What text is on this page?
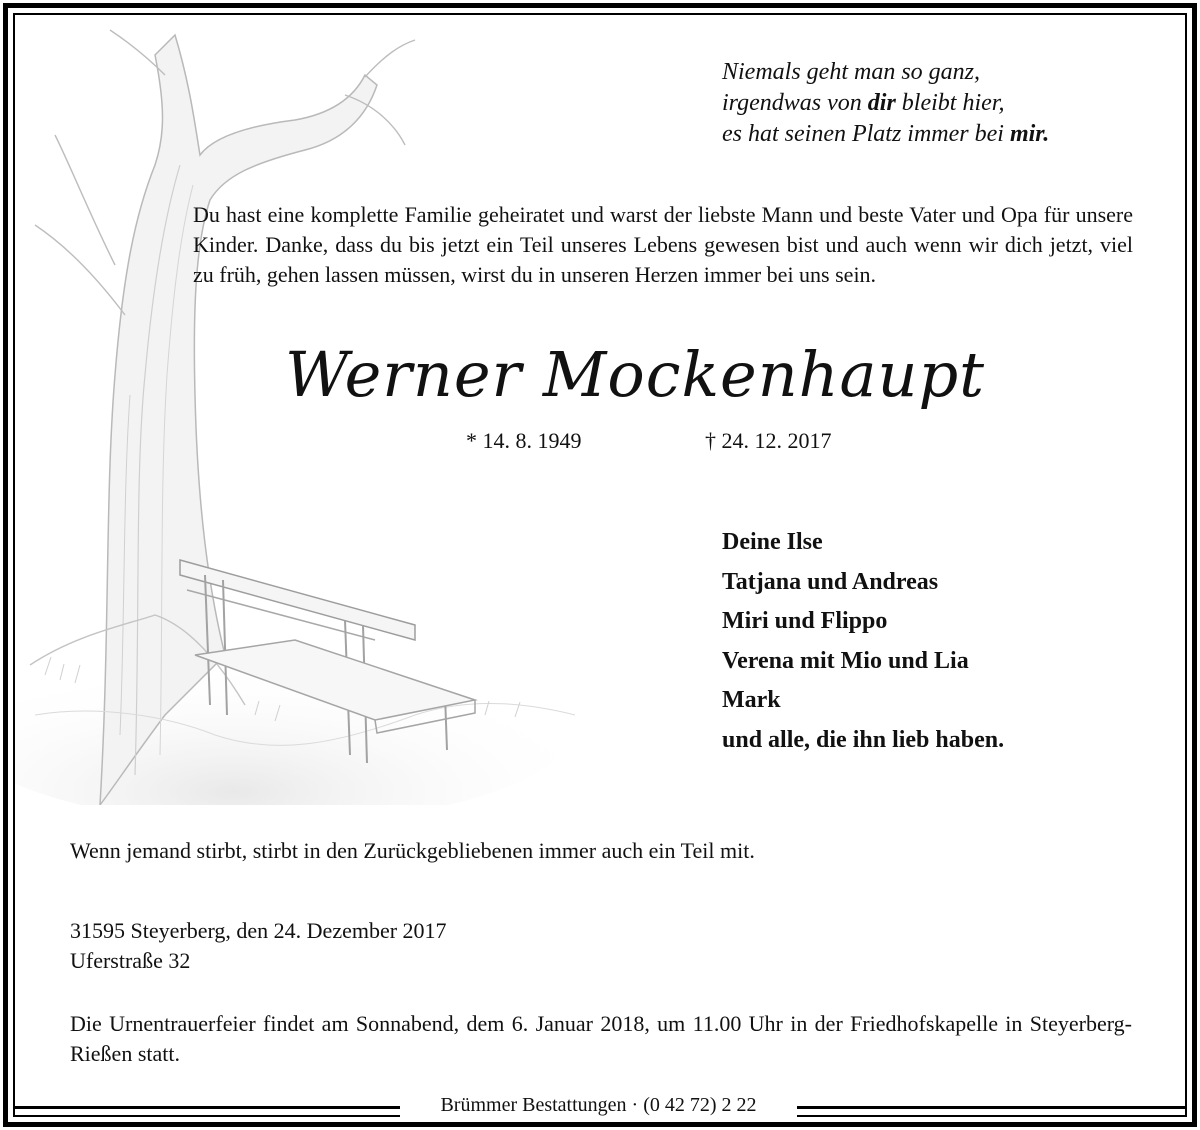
Niemals geht man so ganz,
irgendwas von dir bleibt hier,
es hat seinen Platz immer bei mir.
Du hast eine komplette Familie geheiratet und warst der liebste Mann und beste Vater und Opa für unsere Kinder. Danke, dass du bis jetzt ein Teil unseres Lebens gewesen bist und auch wenn wir dich jetzt, viel zu früh, gehen lassen müssen, wirst du in unseren Herzen immer bei uns sein.
Werner Mockenhaupt
* 14. 8. 1949	† 24. 12. 2017
Deine Ilse
Tatjana und Andreas
Miri und Flippo
Verena mit Mio und Lia
Mark
und alle, die ihn lieb haben.
Wenn jemand stirbt, stirbt in den Zurückgebliebenen immer auch ein Teil mit.
31595 Steyerberg, den 24. Dezember 2017
Uferstraße 32
Die Urnentrauerfeier findet am Sonnabend, dem 6. Januar 2018, um 11.00 Uhr in der Friedhofskapelle in Steyerberg-Rießen statt.
Brümmer Bestattungen · (0 42 72) 2 22
